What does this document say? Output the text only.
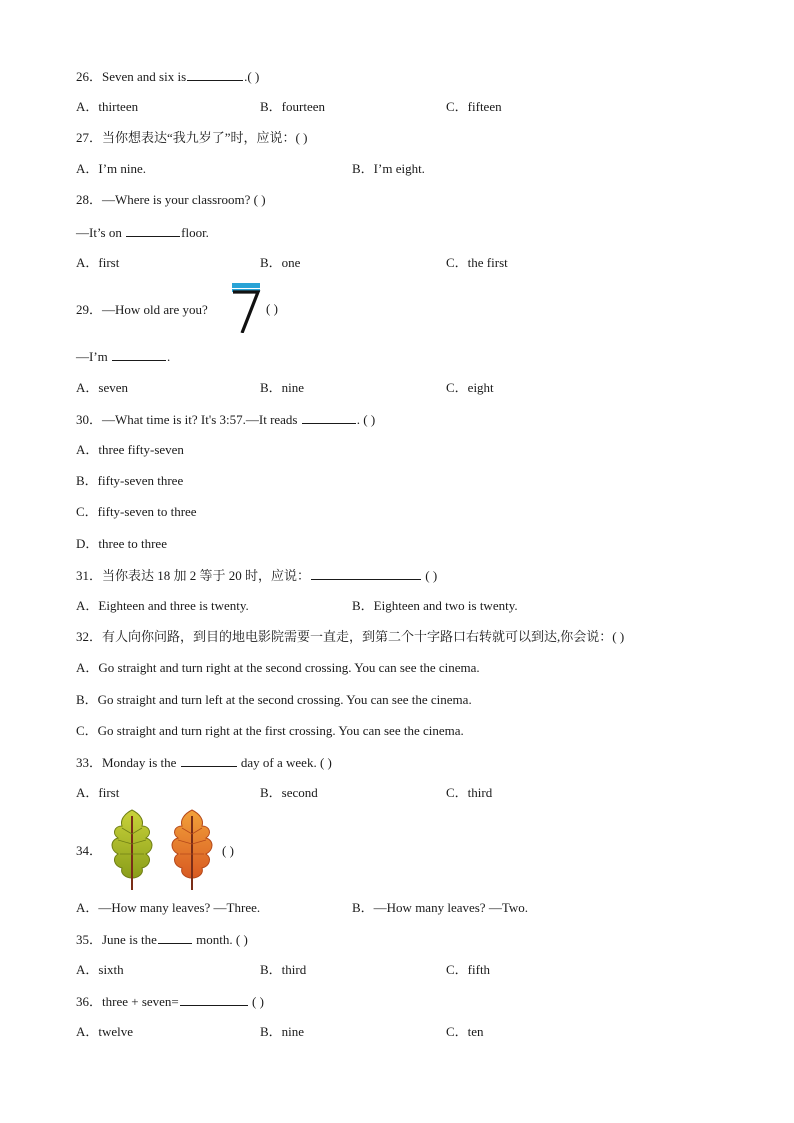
26．Seven and six is	.( )
A．thirteen	B．fourteen	C．fifteen
27．当你想表达“我九岁了”时，应说：( )
A．I’m nine.	B．I’m eight.
28．—Where is your classroom? ( )
—It’s on	floor.
A．first	B．one	C．the first
29．—How old are you?	( )
—I’m	.
A．seven	B．nine	C．eight
30．—What time is it? It's 3:57.—It reads	. ( )
A．three fifty-seven
B．fifty-seven three
C．fifty-seven to three
D．three to three
31．当你表达 18 加 2 等于 20 时，应说：	( )
A．Eighteen and three is twenty.	B．Eighteen and two is twenty.
32．有人向你问路，到目的地电影院需要一直走，到第二个十字路口右转就可以到达,你会说：( )
A．Go straight and turn right at the second crossing. You can see the cinema.
B．Go straight and turn left at the second crossing. You can see the cinema.
C．Go straight and turn right at the first crossing. You can see the cinema.
33．Monday is the	day of a week. ( )
A．first	B．second	C．third
34．	( )
A．—How many leaves? —Three.	B．—How many leaves? —Two.
35．June is the	month. ( )
A．sixth	B．third	C．fifth
36．three + seven=	( )
A．twelve	B．nine	C．ten
